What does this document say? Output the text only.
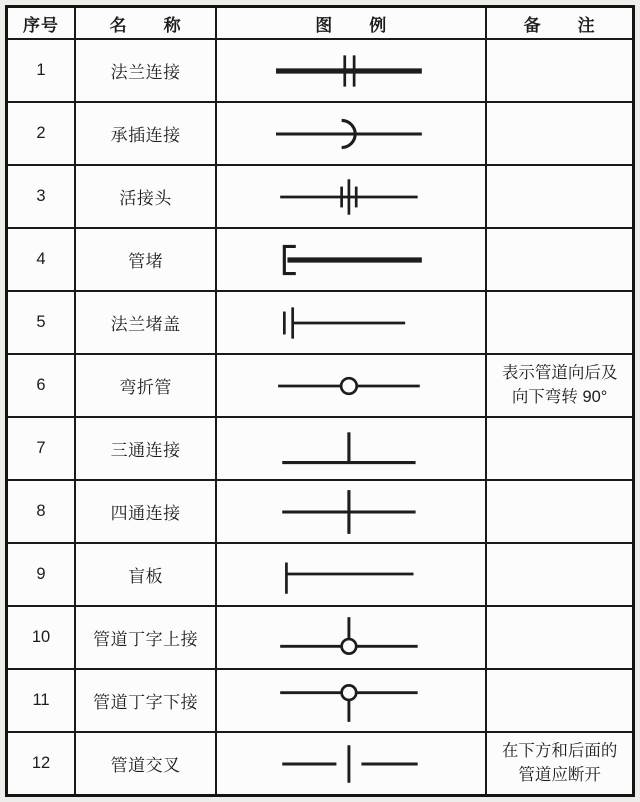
序号	名　　称	图　　例	备　　注
1	法兰连接	

2	承插连接	

3	活接头	

4	管堵	

5	法兰堵盖	

6	弯折管		表示管道向后及向下弯转 90°
7	三通连接	

8	四通连接	

9	盲板	

10	管道丁字上接	

11	管道丁字下接	

12	管道交叉		在下方和后面的管道应断开
